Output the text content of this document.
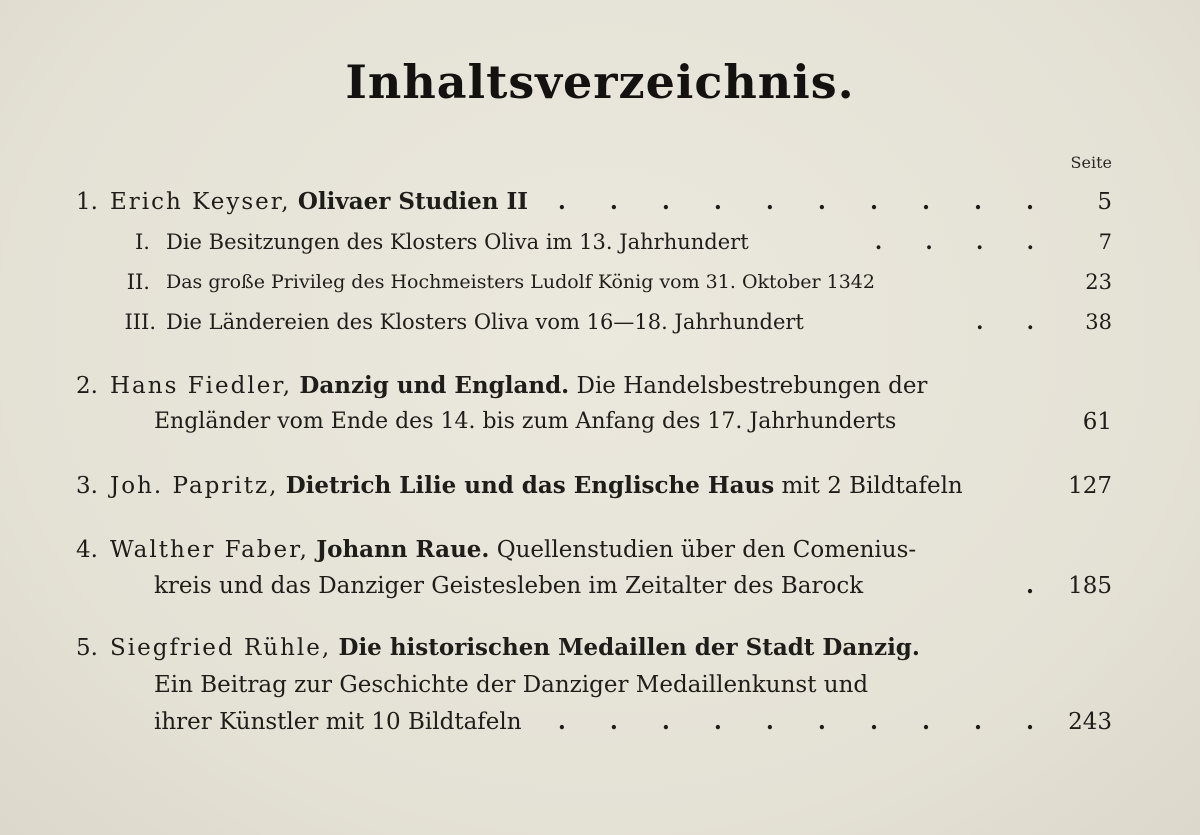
Inhaltsverzeichnis.
Seite
1. Erich Keyser, Olivaer Studien II . . . . . . . . . .	5
I. Die Besitzungen des Klosters Oliva im 13. Jahrhundert	. . . .	7
II. Das große Privileg des Hochmeisters Ludolf König vom 31. Oktober 1342	23
III. Die Ländereien des Klosters Oliva vom 16—18. Jahrhundert	. .	38
2. Hans Fiedler, Danzig und England. Die Handelsbestrebungen der
Engländer vom Ende des 14. bis zum Anfang des 17. Jahrhunderts	61
3. Joh. Papritz, Dietrich Lilie und das Englische Haus mit 2 Bildtafeln	127
4. Walther Faber, Johann Raue. Quellenstudien über den Comenius-
kreis und das Danziger Geistesleben im Zeitalter des Barock	. 185
5. Siegfried Rühle, Die historischen Medaillen der Stadt Danzig.
Ein Beitrag zur Geschichte der Danziger Medaillenkunst und
ihrer Künstler mit 10 Bildtafeln . . . . . . . . . . 243
